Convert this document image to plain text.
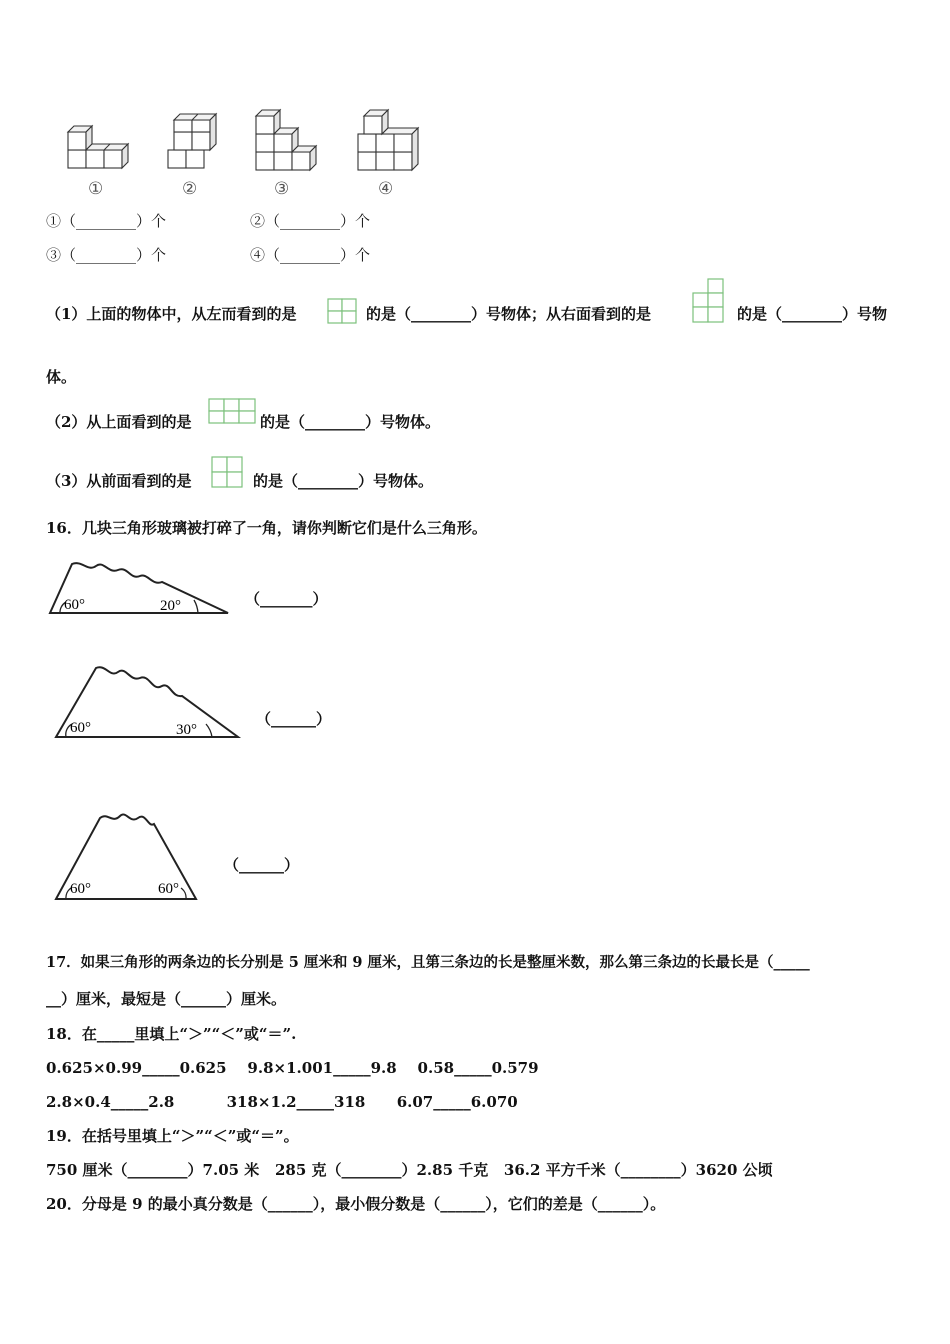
①	②	③	④
①（________）个	②（________）个
③（________）个	④（________）个
（1）上面的物体中，从左而看到的是	的是（________）号物体；从右面看到的是	的是（________）号物
体。
（2）从上面看到的是	的是（________）号物体。
（3）从前面看到的是	的是（________）号物体。
16．几块三角形玻璃被打碎了一角，请你判断它们是什么三角形。
60°	20°	（_______）
60°	30°
（______）
60°	60°
（______）
17．如果三角形的两条边的长分别是 5 厘米和 9 厘米，且第三条边的长是整厘米数，那么第三条边的长最长是（_____
__）厘米，最短是（______）厘米。
18．在_____里填上“＞”“＜”或“＝”.
0.625×0.99_____0.625    9.8×1.001_____9.8    0.58_____0.579
2.8×0.4_____2.8          318×1.2_____318      6.07_____6.070
19．在括号里填上“＞”“＜”或“＝”。
750 厘米（________）7.05 米   285 克（________）2.85 千克   36.2 平方千米（________）3620 公顷
20．分母是 9 的最小真分数是（______），最小假分数是（______），它们的差是（______）。
